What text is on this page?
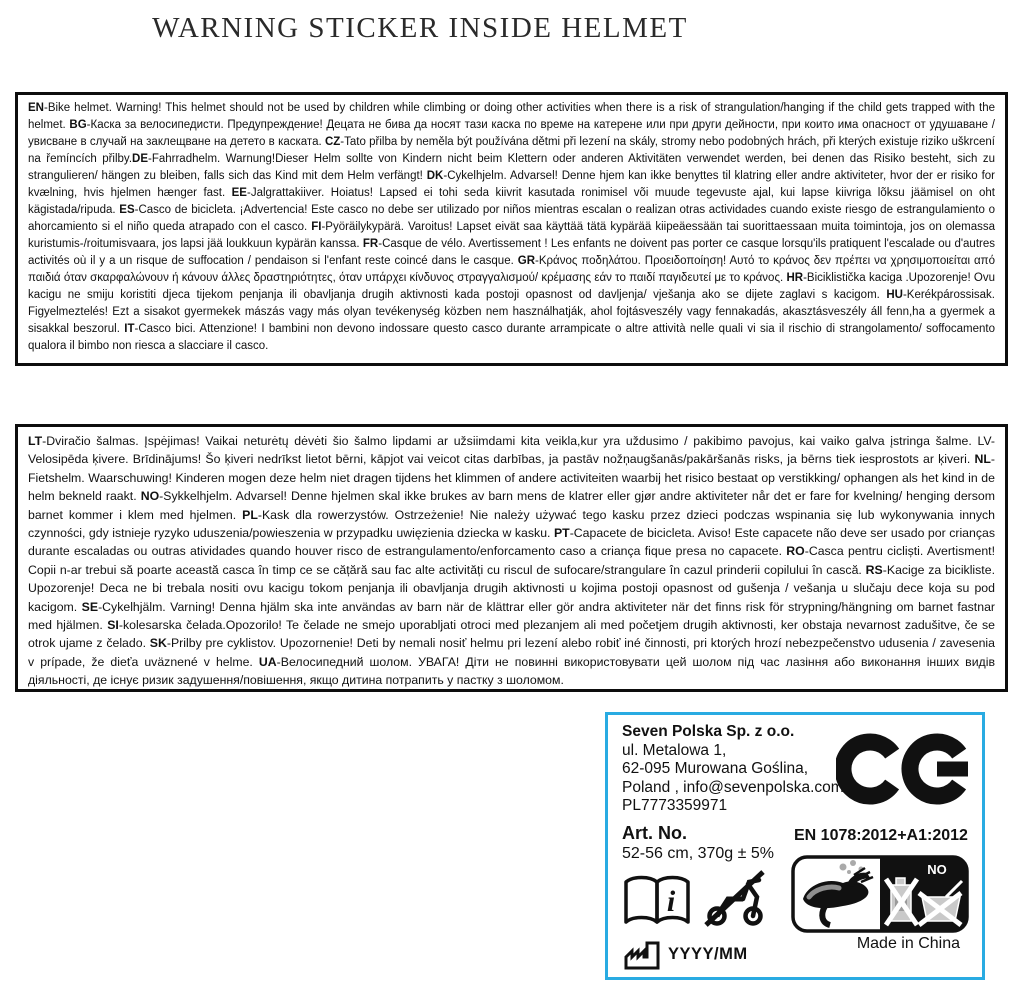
WARNING STICKER INSIDE HELMET
EN-Bike helmet. Warning! This helmet should not be used by children while climbing or doing other activities when there is a risk of strangulation/hanging if the child gets trapped with the helmet. BG-Каска за велосипедисти. Предупреждение! Децата не бива да носят тази каска по време на катерене или при други дейности, при които има опасност от удушаване /увисване в случай на заклещване на детето в каската. CZ-Tato přilba by neměla být používána dětmi při lezení na skály, stromy nebo podobných hrách, při kterých existuje riziko uškrcení na řemíncích přilby.DE-Fahrradhelm. Warnung!Dieser Helm sollte von Kindern nicht beim Klettern oder anderen Aktivitäten verwendet werden, bei denen das Risiko besteht, sich zu strangulieren/ hängen zu bleiben, falls sich das Kind mit dem Helm verfängt! DK-Cykelhjelm. Advarsel! Denne hjem kan ikke benyttes til klatring eller andre aktiviteter, hvor der er risiko for kvælning, hvis hjelmen hænger fast. EE-Jalgrattakiiver. Hoiatus! Lapsed ei tohi seda kiivrit kasutada ronimisel või muude tegevuste ajal, kui lapse kiivriga lõksu jäämisel on oht kägistada/ripuda. ES-Casco de bicicleta. ¡Advertencia! Este casco no debe ser utilizado por niños mientras escalan o realizan otras actividades cuando existe riesgo de estrangulamiento o ahorcamiento si el niño queda atrapado con el casco. FI-Pyöräilykypärä. Varoitus! Lapset eivät saa käyttää tätä kypärää kiipeäessään tai suorittaessaan muita toimintoja, jos on olemassa kuristumis-/roitumisvaara, jos lapsi jää loukkuun kypärän kanssa. FR-Casque de vélo. Avertissement ! Les enfants ne doivent pas porter ce casque lorsqu'ils pratiquent l'escalade ou d'autres activités où il y a un risque de suffocation / pendaison si l'enfant reste coincé dans le casque. GR-Κράνος ποδηλάτου. Προειδοποίηση! Αυτό το κράνος δεν πρέπει να χρησιμοποιείται από παιδιά όταν σκαρφαλώνουν ή κάνουν άλλες δραστηριότητες, όταν υπάρχει κίνδυνος στραγγαλισμού/ κρέμασης εάν το παιδί παγιδευτεί με το κράνος. HR-Biciklistička kaciga .Upozorenje! Ovu kacigu ne smiju koristiti djeca tijekom penjanja ili obavljanja drugih aktivnosti kada postoji opasnost od davljenja/ vješanja ako se dijete zaglavi s kacigom. HU-Kerékpárossisak. Figyelmeztelés! Ezt a sisakot gyermekek mászás vagy más olyan tevékenység közben nem használhatják, ahol fojtásveszély vagy fennakadás, akasztásveszély áll fenn,ha a gyermek a sisakkal beszorul. IT-Casco bici. Attenzione! I bambini non devono indossare questo casco durante arrampicate o altre attività nelle quali vi sia il rischio di strangolamento/ soffocamento qualora il bimbo non riesca a slacciare il casco.
LT-Dviračio šalmas. Įspėjimas! Vaikai neturėtų dėvėti šio šalmo lipdami ar užsiimdami kita veikla,kur yra uždusimo / pakibimo pavojus, kai vaiko galva įstringa šalme. LV-Velosipēda ķivere. Brīdinājums! Šo ķiveri nedrīkst lietot bērni, kāpjot vai veicot citas darbības, ja pastāv nožņaugšanās/pakāršanās risks, ja bērns tiek iesprostots ar ķiveri. NL-Fietshelm. Waarschuwing! Kinderen mogen deze helm niet dragen tijdens het klimmen of andere activiteiten waarbij het risico bestaat op verstikking/ ophangen als het kind in de helm bekneld raakt. NO-Sykkelhjelm. Advarsel! Denne hjelmen skal ikke brukes av barn mens de klatrer eller gjør andre aktiviteter når det er fare for kvelning/ henging dersom barnet kommer i klem med hjelmen. PL-Kask dla rowerzystów. Ostrzeżenie! Nie należy używać tego kasku przez dzieci podczas wspinania się lub wykonywania innych czynności, gdy istnieje ryzyko uduszenia/powieszenia w przypadku uwięzienia dziecka w kasku. PT-Capacete de bicicleta. Aviso! Este capacete não deve ser usado por crianças durante escaladas ou outras atividades quando houver risco de estrangulamento/enforcamento caso a criança fique presa no capacete. RO-Casca pentru cicliști. Avertisment! Copii n-ar trebui să poarte această casca în timp ce se cățără sau fac alte activități cu riscul de sufocare/strangulare în cazul prinderii copilului în cască. RS-Kacige za bicikliste. Upozorenje! Deca ne bi trebala nositi ovu kacigu tokom penjanja ili obavljanja drugih aktivnosti u kojima postoji opasnost od gušenja / vešanja u slučaju dece koja su pod kacigom. SE-Cykelhjälm. Varning! Denna hjälm ska inte användas av barn när de klättrar eller gör andra aktiviteter när det finns risk för strypning/hängning om barnet fastnar med hjälmen. SI-kolesarska čelada.Opozorilo! Te čelade ne smejo uporabljati otroci med plezanjem ali med početjem drugih aktivnosti, ker obstaja nevarnost zadušitve, če se otrok ujame z čelado. SK-Prilby pre cyklistov. Upozornenie! Deti by nemali nosiť helmu pri lezení alebo robiť iné činnosti, pri ktorých hrozí nebezpečenstvo udusenia / zavesenia v prípade, že dieťa uväznené v helme. UA-Велосипедний шолом. УВАГА! Діти не повинні використовувати цей шолом під час лазіння або виконання інших видів діяльності, де існує ризик задушення/повішення, якщо дитина потрапить у пастку з шоломом.
Seven Polska Sp. z o.o.
ul. Metalowa 1,
62-095 Murowana Goślina,
Poland , info@sevenpolska.com,
PL7773359971
Art. No.
52-56 cm, 370g ± 5%
EN 1078:2012+A1:2012
NO
Made in China
i
YYYY/MM
